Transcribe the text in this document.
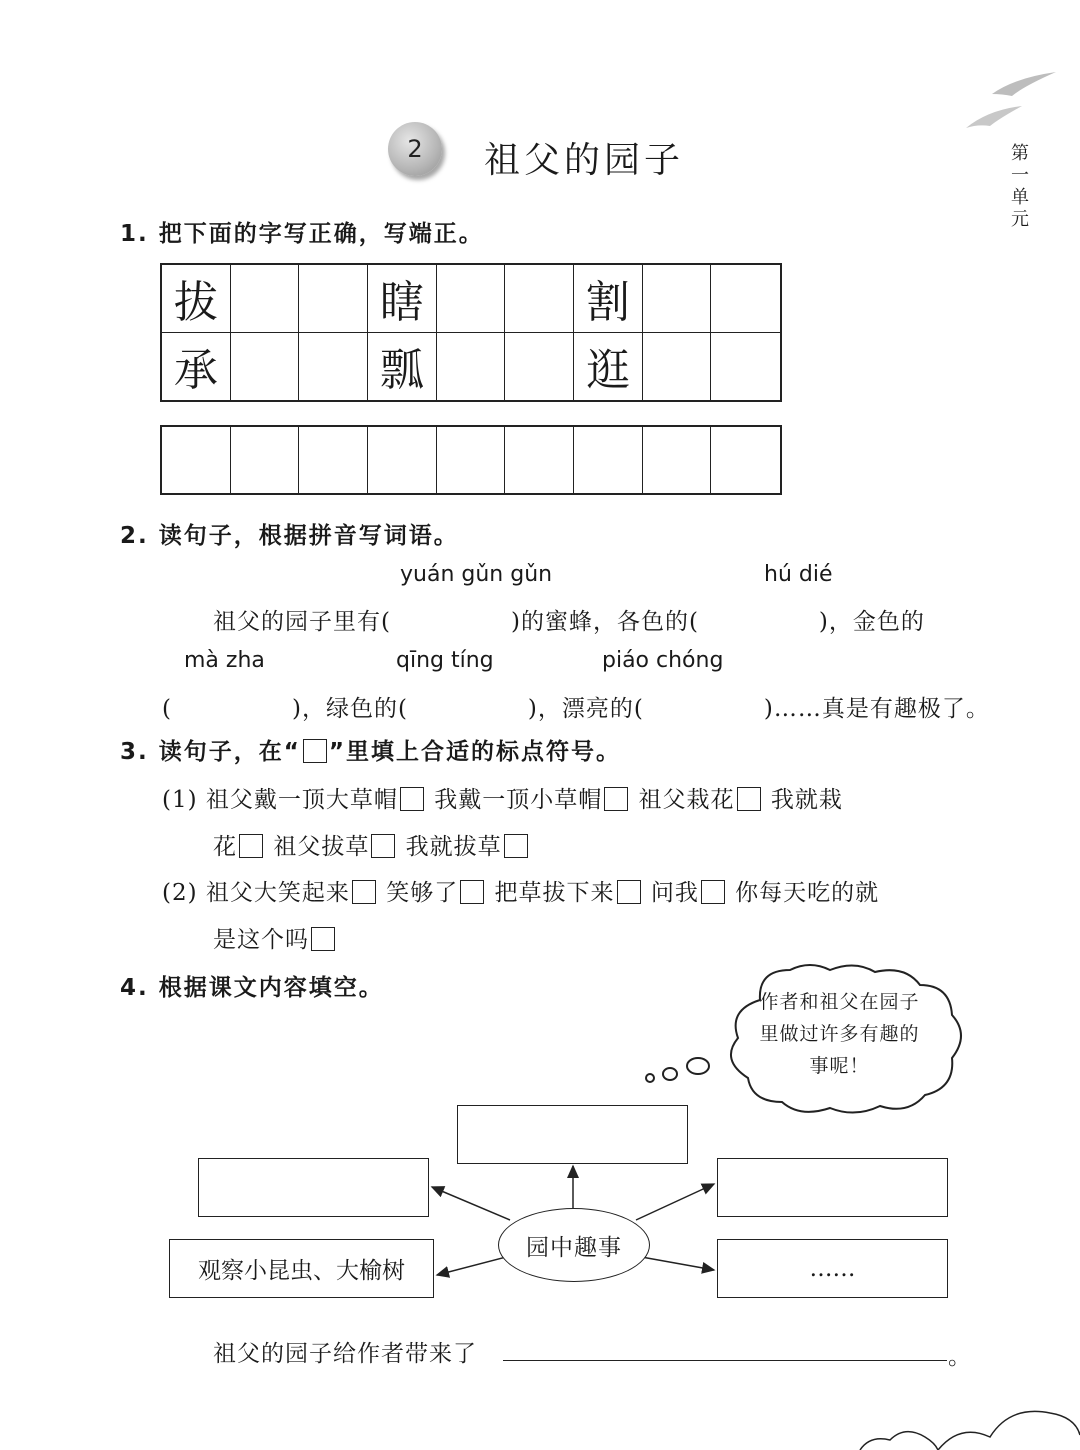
2	祖父的园子	第
一
单
元
1. 把下面的字写正确，写端正。
拔	瞎	割
承	瓢	逛
2. 读句子，根据拼音写词语。
yuán gǔn gǔn	hú dié
祖父的园子里有(　　　　　)的蜜蜂，各色的(　　　　　)，金色的
mà zha	qīng tíng	piáo chóng
(　　　　　)，绿色的(　　　　　)，漂亮的(　　　　　)……真是有趣极了。
3. 读句子，在“ ”里填上合适的标点符号。
(1) 祖父戴一顶大草帽 我戴一顶小草帽 祖父栽花 我就栽
花 祖父拔草 我就拔草
(2) 祖父大笑起来 笑够了 把草拔下来 问我 你每天吃的就
是这个吗
4. 根据课文内容填空。
作者和祖父在园子里做过许多有趣的事呢！
观察小昆虫、大榆树	……
园中趣事
祖父的园子给作者带来了	。
